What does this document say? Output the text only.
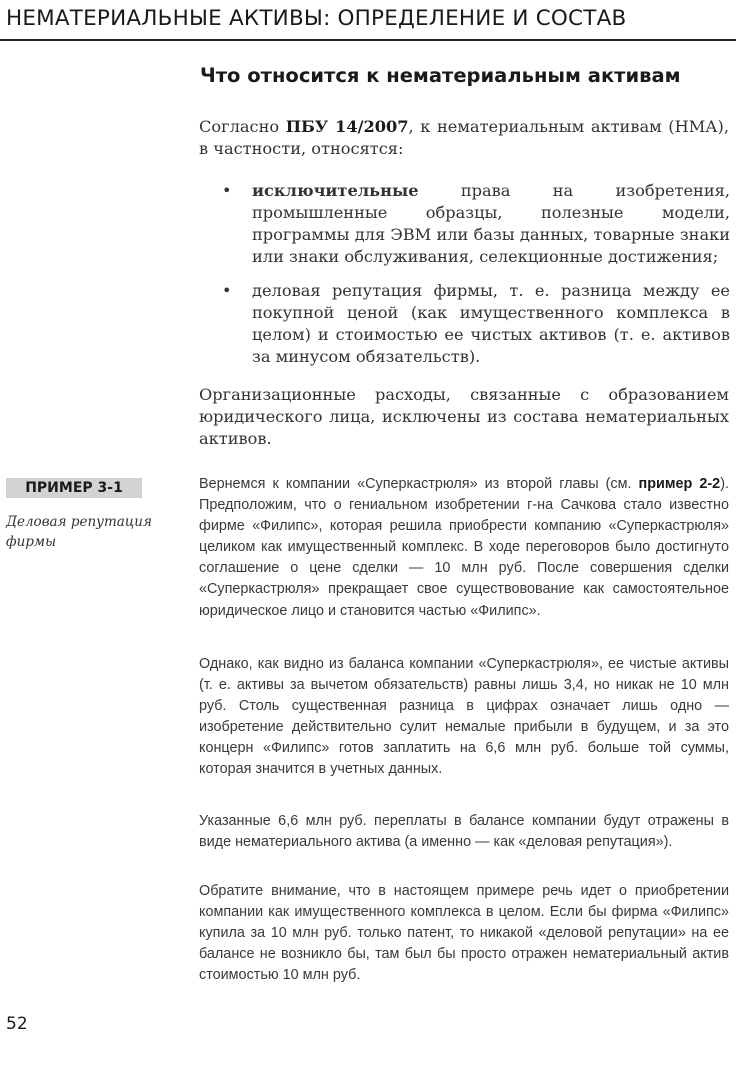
НЕМАТЕРИАЛЬНЫЕ АКТИВЫ: ОПРЕДЕЛЕНИЕ И СОСТАВ
Что относится к нематериальным активам

Согласно ПБУ 14/2007, к нематериальным активам (НМА), в частности, относятся:

• исключительные права на изобретения, промышленные образцы, полезные модели, программы для ЭВМ или базы данных, товарные знаки или знаки обслуживания, селекционные достижения;
• деловая репутация фирмы, т. е. разница между ее покупной ценой (как имущественного комплекса в целом) и стоимостью ее чистых активов (т. е. активов за минусом обязательств).

Организационные расходы, связанные с образованием юридического лица, исключены из состава нематериальных активов.

ПРИМЕР 3-1
Деловая репутация фирмы

Вернемся к компании «Суперкастрюля» из второй главы (см. пример 2-2). Предположим, что о гениальном изобретении г-на Сачкова стало известно фирме «Филипс», которая решила приобрести компанию «Суперкастрюля» целиком как имущественный комплекс. В ходе переговоров было достигнуто соглашение о цене сделки — 10 млн руб. После совершения сделки «Суперкастрюля» прекращает свое существовование как самостоятельное юридическое лицо и становится частью «Филипс».

Однако, как видно из баланса компании «Суперкастрюля», ее чистые активы (т. е. активы за вычетом обязательств) равны лишь 3,4, но никак не 10 млн руб. Столь существенная разница в цифрах означает лишь одно — изобретение действительно сулит немалые прибыли в будущем, и за это концерн «Филипс» готов заплатить на 6,6 млн руб. больше той суммы, которая значится в учетных данных.

Указанные 6,6 млн руб. переплаты в балансе компании будут отражены в виде нематериального актива (а именно — как «деловая репутация»).

Обратите внимание, что в настоящем примере речь идет о приобретении компании как имущественного комплекса в целом. Если бы фирма «Филипс» купила за 10 млн руб. только патент, то никакой «деловой репутации» на ее балансе не возникло бы, там был бы просто отражен нематериальный актив стоимостью 10 млн руб.

52
